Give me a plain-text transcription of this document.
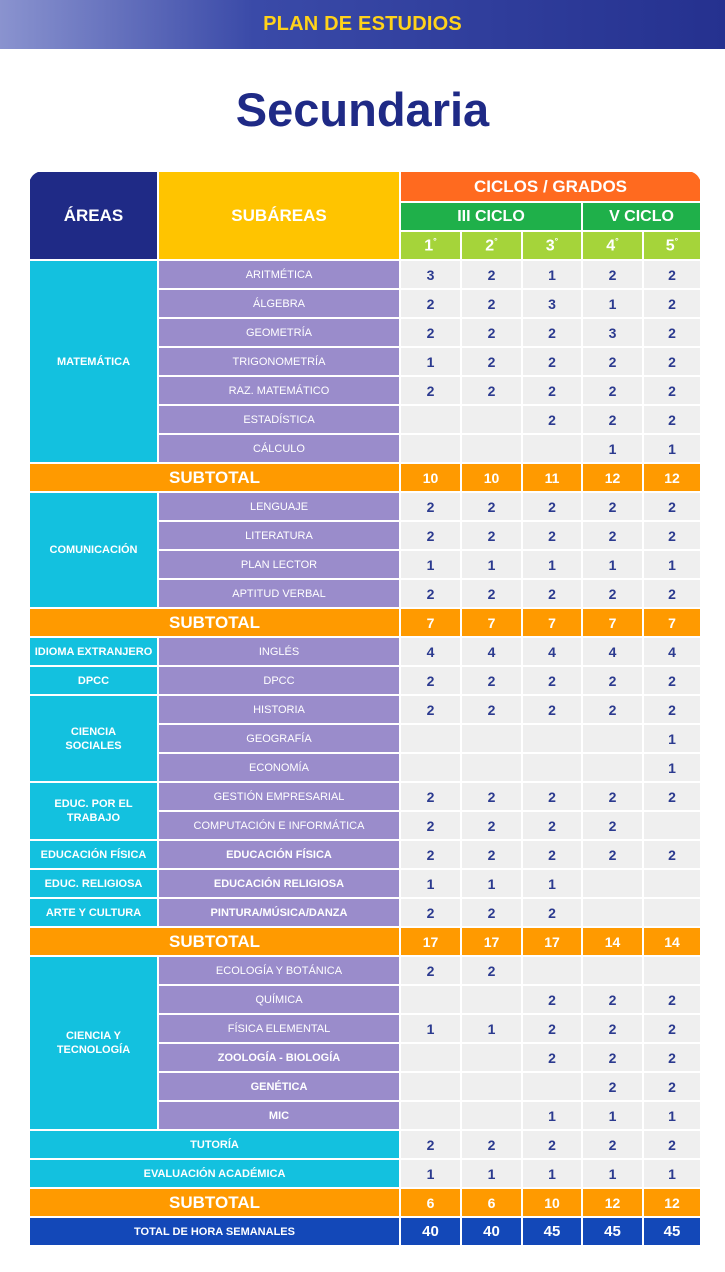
PLAN DE ESTUDIOS
Secundaria
ÁREAS	SUBÁREAS	CICLOS / GRADOS				
		III CICLO			V CICLO	
		1°	2°	3°	4°	5°
MATEMÁTICA	ARITMÉTICA	3	2	1	2	2
	ÁLGEBRA	2	2	3	1	2
	GEOMETRÍA	2	2	2	3	2
	TRIGONOMETRÍA	1	2	2	2	2
	RAZ. MATEMÁTICO	2	2	2	2	2
	ESTADÍSTICA			2	2	2
	CÁLCULO				1	1
SUBTOTAL		10	10	11	12	12
COMUNICACIÓN	LENGUAJE	2	2	2	2	2
	LITERATURA	2	2	2	2	2
	PLAN LECTOR	1	1	1	1	1
	APTITUD VERBAL	2	2	2	2	2
SUBTOTAL		7	7	7	7	7
IDIOMA EXTRANJERO	INGLÉS	4	4	4	4	4
DPCC	DPCC	2	2	2	2	2
CIENCIA SOCIALES	HISTORIA	2	2	2	2	2
	GEOGRAFÍA					1
	ECONOMÍA					1
EDUC. POR EL TRABAJO	GESTIÓN EMPRESARIAL	2	2	2	2	2
	COMPUTACIÓN E INFORMÁTICA	2	2	2	2	
EDUCACIÓN FÍSICA	EDUCACIÓN FÍSICA	2	2	2	2	2
EDUC. RELIGIOSA	EDUCACIÓN RELIGIOSA	1	1	1		
ARTE Y CULTURA	PINTURA/MÚSICA/DANZA	2	2	2		
SUBTOTAL		17	17	17	14	14
CIENCIA Y TECNOLOGÍA	ECOLOGÍA Y BOTÁNICA	2	2			
	QUÍMICA			2	2	2
	FÍSICA ELEMENTAL	1	1	2	2	2
	ZOOLOGÍA - BIOLOGÍA			2	2	2
	GENÉTICA				2	2
	MIC			1	1	1
TUTORÍA		2	2	2	2	2
EVALUACIÓN ACADÉMICA		1	1	1	1	1
SUBTOTAL		6	6	10	12	12
TOTAL DE HORA SEMANALES		40	40	45	45	45
